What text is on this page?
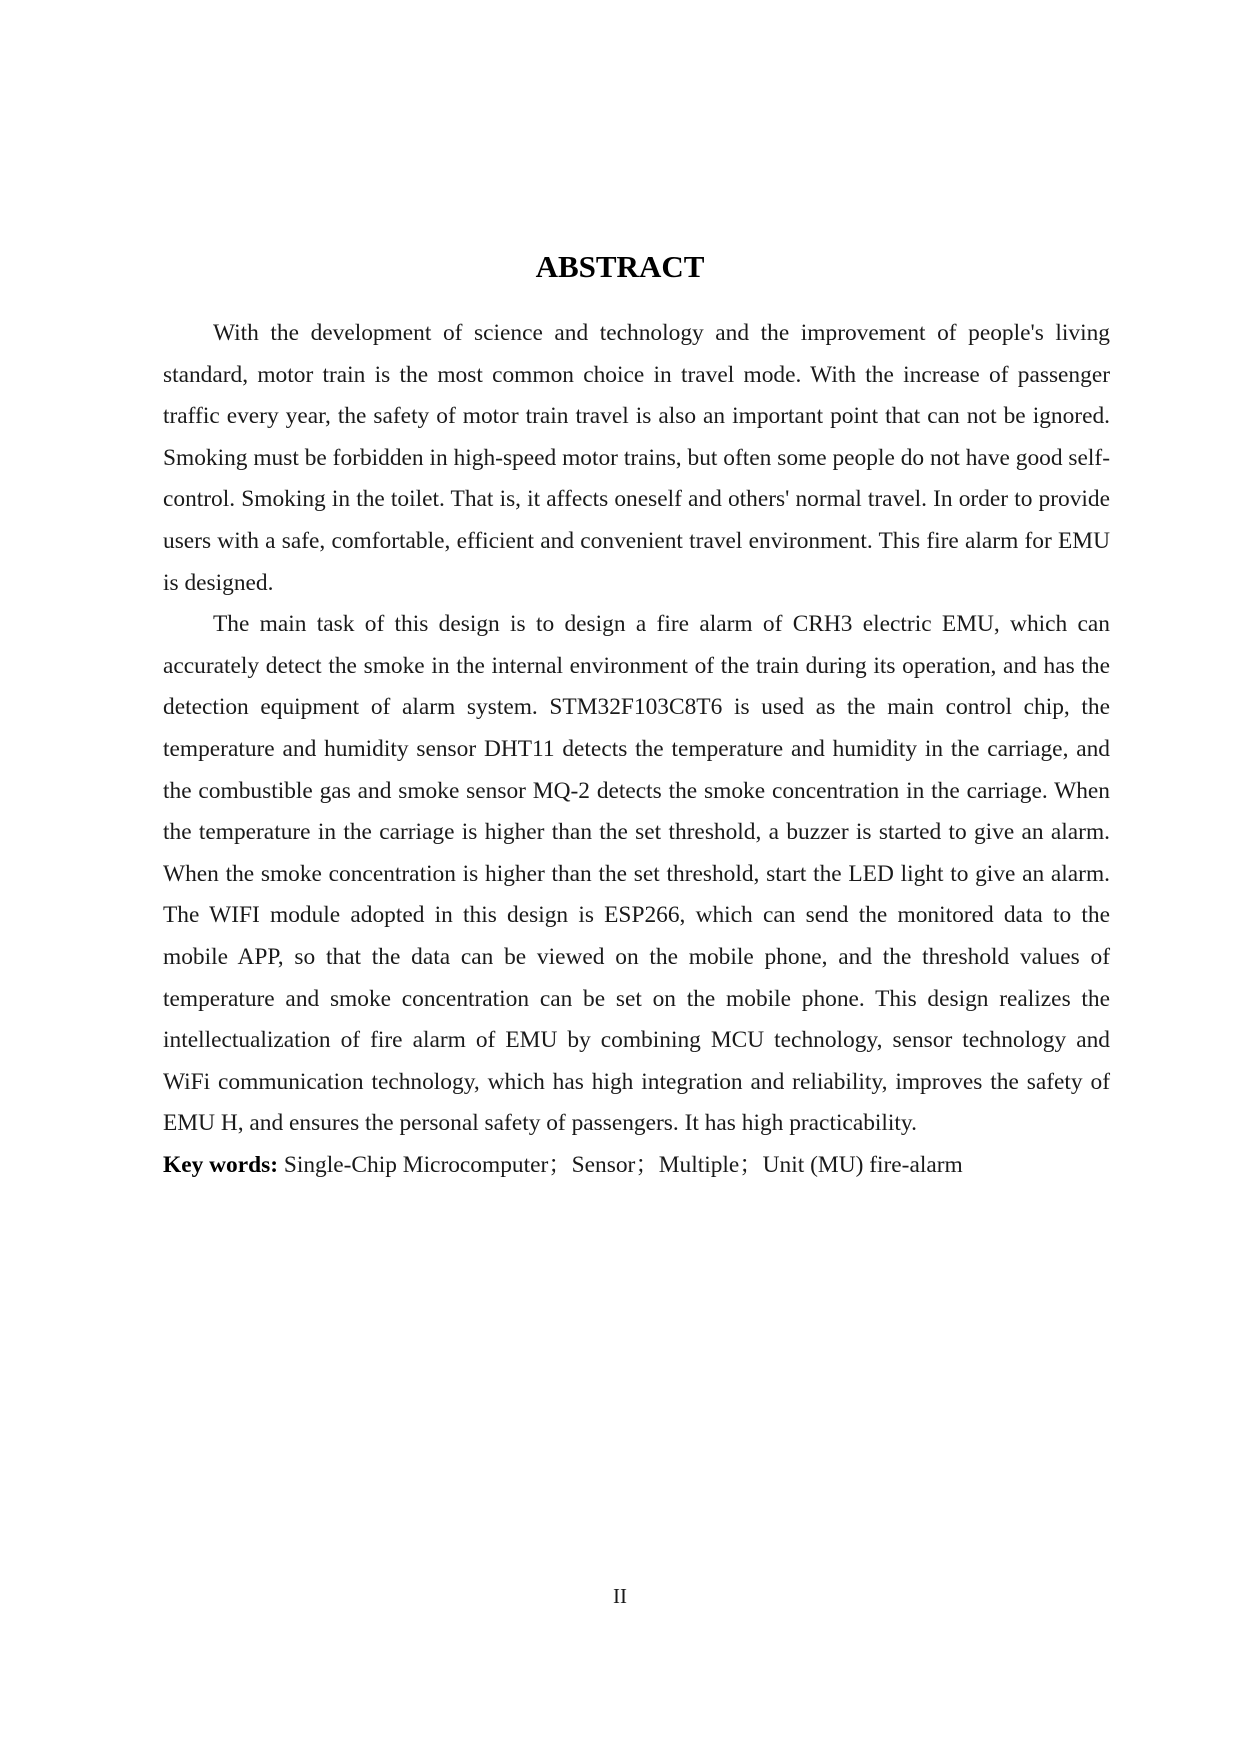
ABSTRACT

With the development of science and technology and the improvement of people's living standard, motor train is the most common choice in travel mode. With the increase of passenger traffic every year, the safety of motor train travel is also an important point that can not be ignored. Smoking must be forbidden in high-speed motor trains, but often some people do not have good self-control. Smoking in the toilet. That is, it affects oneself and others' normal travel. In order to provide users with a safe, comfortable, efficient and convenient travel environment. This fire alarm for EMU is designed.

The main task of this design is to design a fire alarm of CRH3 electric EMU, which can accurately detect the smoke in the internal environment of the train during its operation, and has the detection equipment of alarm system. STM32F103C8T6 is used as the main control chip, the temperature and humidity sensor DHT11 detects the temperature and humidity in the carriage, and the combustible gas and smoke sensor MQ-2 detects the smoke concentration in the carriage. When the temperature in the carriage is higher than the set threshold, a buzzer is started to give an alarm. When the smoke concentration is higher than the set threshold, start the LED light to give an alarm. The WIFI module adopted in this design is ESP266, which can send the monitored data to the mobile APP, so that the data can be viewed on the mobile phone, and the threshold values of temperature and smoke concentration can be set on the mobile phone. This design realizes the intellectualization of fire alarm of EMU by combining MCU technology, sensor technology and WiFi communication technology, which has high integration and reliability, improves the safety of EMU H, and ensures the personal safety of passengers. It has high practicability.

Key words: Single-Chip Microcomputer；Sensor；Multiple；Unit (MU) fire-alarm

II
